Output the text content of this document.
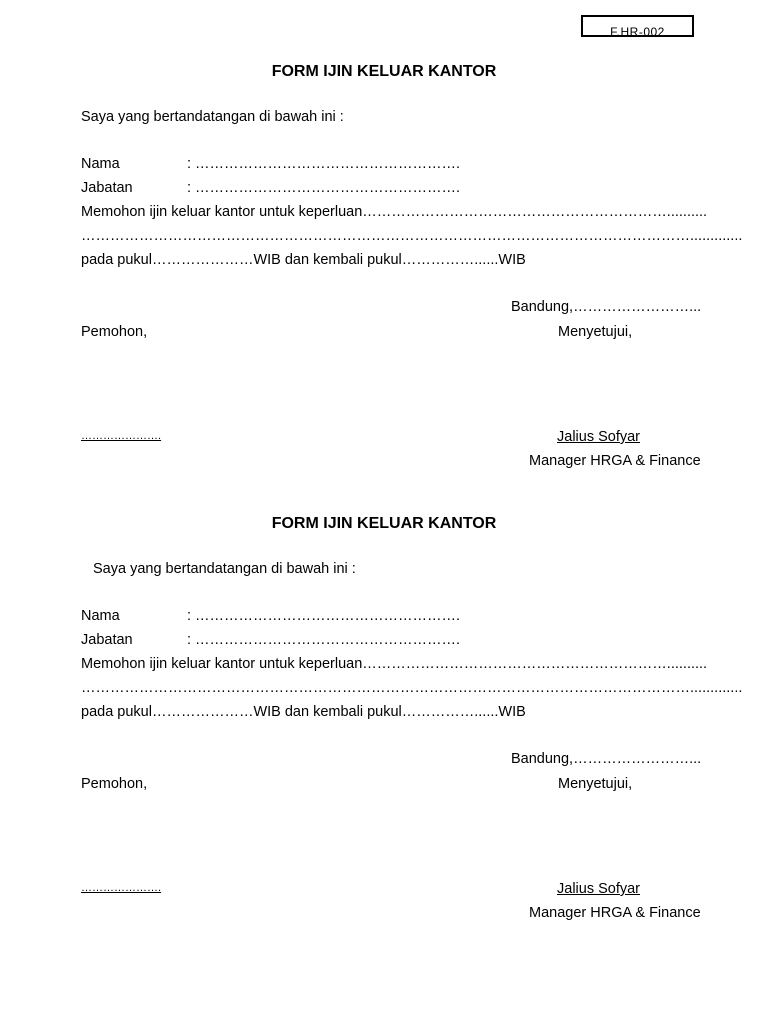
F.HR-002
FORM IJIN KELUAR KANTOR
Saya yang bertandatangan di bawah ini :
Nama	: ……………………………………………….
Jabatan	: ……………………………………………….
Memohon ijin keluar kantor untuk keperluan………………………………………………………..........
……………………………………………………………………………………………………………….............
pada pukul…………………WIB dan kembali pukul……………......WIB
Bandung,……………………...
Pemohon,	Menyetujui,
………………….	Jalius Sofyar
Manager HRGA & Finance
FORM IJIN KELUAR KANTOR
Saya yang bertandatangan di bawah ini :
Nama	: ……………………………………………….
Jabatan	: ……………………………………………….
Memohon ijin keluar kantor untuk keperluan………………………………………………………..........
……………………………………………………………………………………………………………….............
pada pukul…………………WIB dan kembali pukul……………......WIB
Bandung,……………………...
Pemohon,	Menyetujui,
………………….	Jalius Sofyar
Manager HRGA & Finance
